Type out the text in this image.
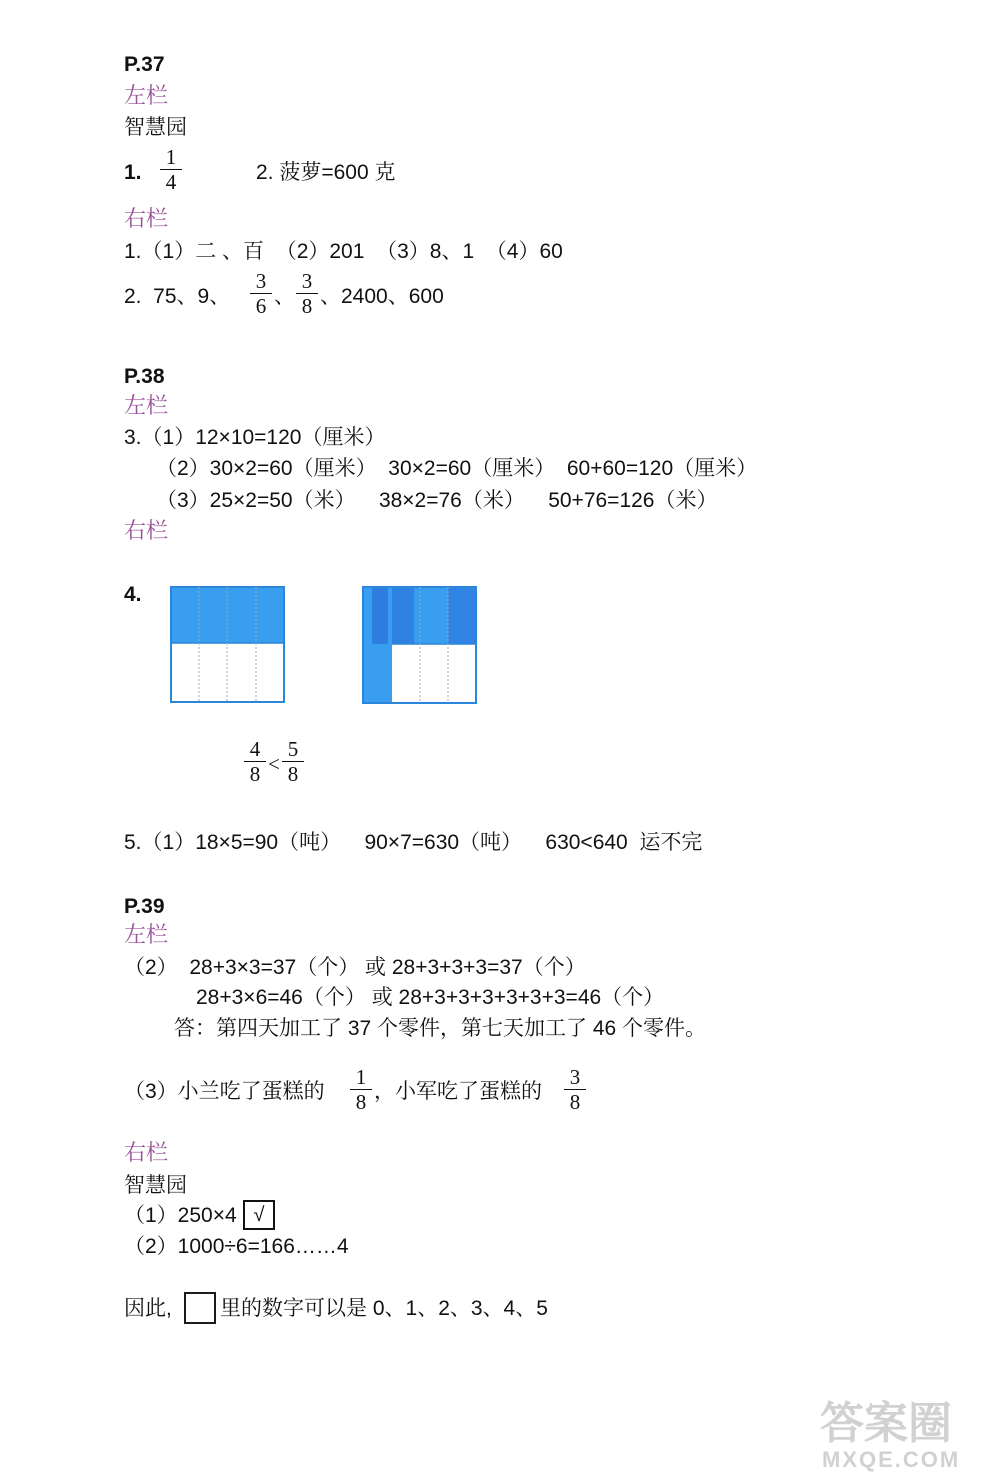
P.37
左栏
智慧园
1.
1
4	2. 菠萝=600 克
右栏
1.（1）二 、百  （2）201  （3）8、1  （4）60
2.  75、9、
3
6 、
3
8 、2400、600
P.38
左栏
3.（1）12×10=120（厘米）
（2）30×2=60（厘米）  30×2=60（厘米）  60+60=120（厘米）
（3）25×2=50（米）    38×2=76（米）    50+76=126（米）
右栏
4.
4
8 <
5
8
5.（1）18×5=90（吨）    90×7=630（吨）    630<640  运不完
P.39
左栏
（2）  28+3×3=37（个） 或 28+3+3+3=37（个）
28+3×6=46（个） 或 28+3+3+3+3+3+3=46（个）
答：第四天加工了 37 个零件，第七天加工了 46 个零件。
（3）小兰吃了蛋糕的
1
8 ，小军吃了蛋糕的
3
8
右栏
智慧园
（1）250×4 √
（2）1000÷6=166……4
因此, 里的数字可以是 0、1、2、3、4、5
答案圈
MXQE.COM
